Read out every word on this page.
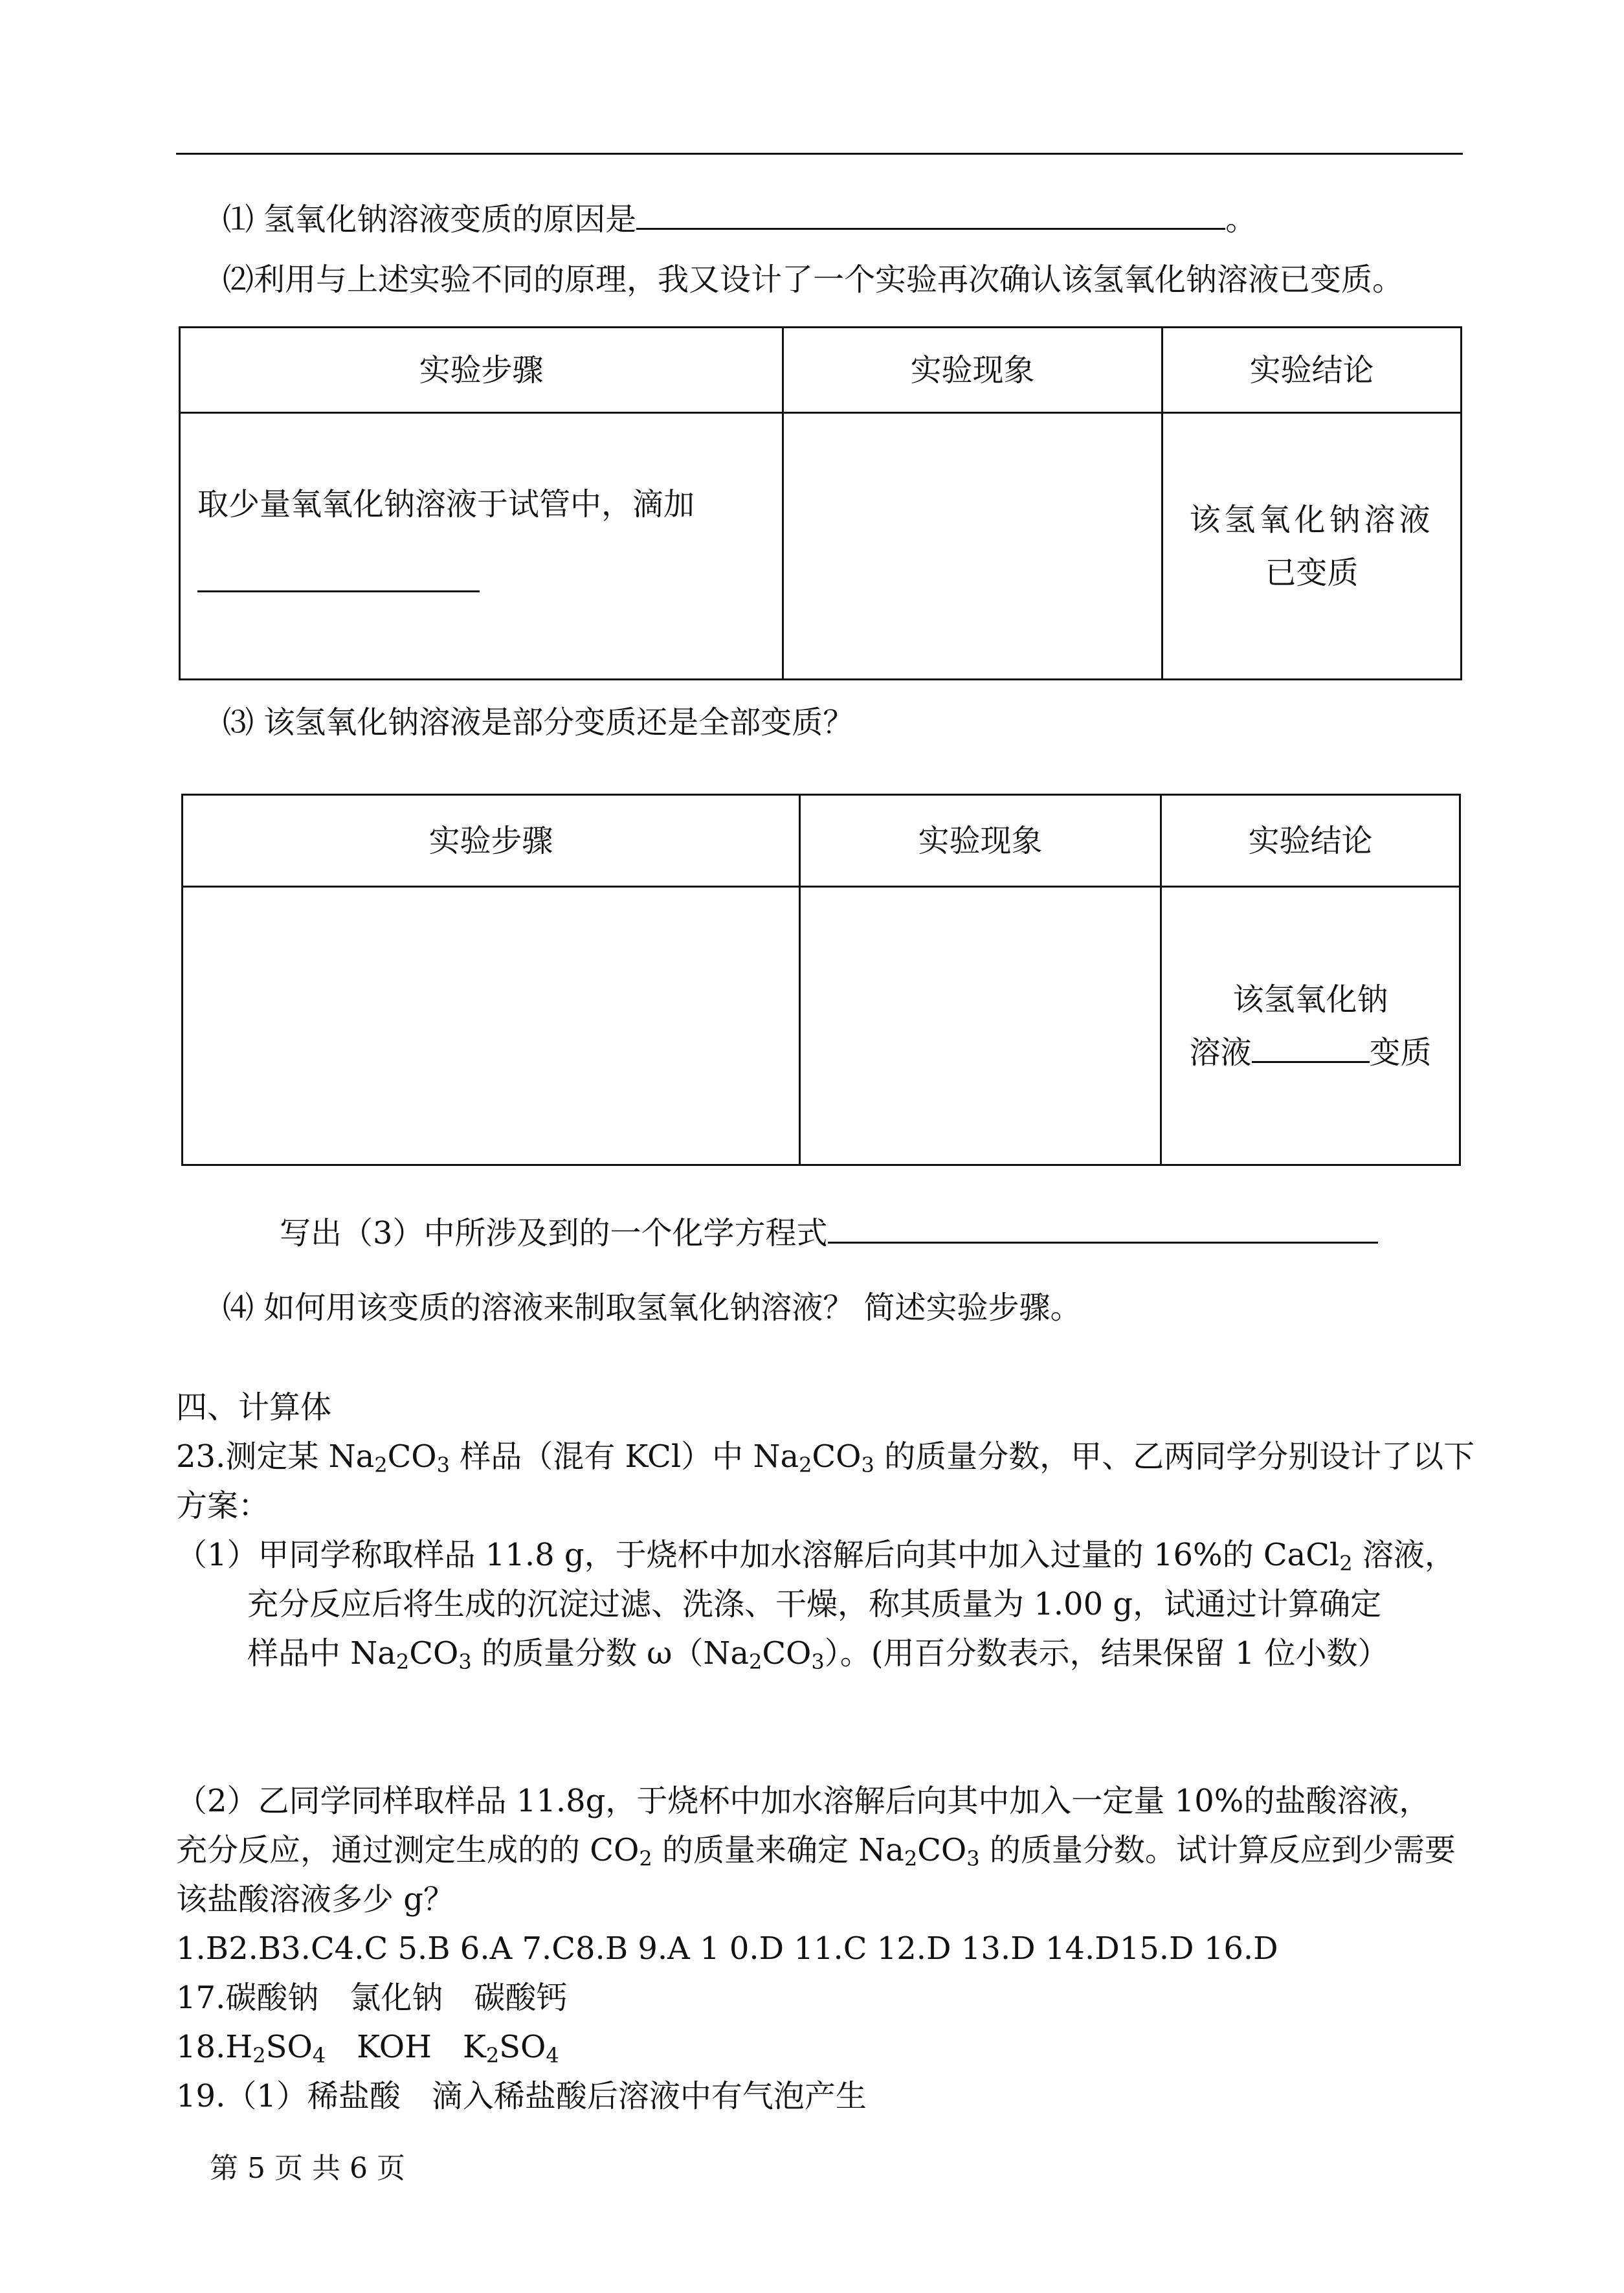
⑴ 氢氧化钠溶液变质的原因是	。
⑵利用与上述实验不同的原理，我又设计了一个实验再次确认该氢氧化钠溶液已变质。
实验步骤	实验现象	实验结论

取少量氧氧化钠溶液于试管中，滴加		该氢氧化钠溶液
已变质
⑶ 该氢氧化钠溶液是部分变质还是全部变质？
实验步骤	实验现象	实验结论

		该氢氧化钠
溶液 变质
写出（3）中所涉及到的一个化学方程式
⑷ 如何用该变质的溶液来制取氢氧化钠溶液？ 简述实验步骤。
四、计算体
23.测定某 $Na_2CO_3$ 样品（混有 KCl）中 $Na_2CO_3$ 的质量分数，甲、乙两同学分别设计了以下
方案：
（1）甲同学称取样品 11.8 g，于烧杯中加水溶解后向其中加入过量的 16%的 CaCl$_2$ 溶液，
充分反应后将生成的沉淀过滤、洗涤、干燥，称其质量为 1.00 g，试通过计算确定
样品中 $Na_2CO_3$ 的质量分数 $\omega(Na_2CO_3)$。(用百分数表示，结果保留 1 位小数）
（2）乙同学同样取样品 11.8g，于烧杯中加水溶解后向其中加入一定量 10%的盐酸溶液，
充分反应，通过测定生成的的 $CO_2$ 的质量来确定 $Na_2CO_3$ 的质量分数。试计算反应到少需要
该盐酸溶液多少 g？
1.B2.B3.C4.C 5.B 6.A 7.C8.B 9.A 1 0.D 11.C 12.D 13.D 14.D15.D 16.D
17.碳酸钠　氯化钠　碳酸钙
$18.H_2SO_4$　KOH　$K_2SO_4$
19.（1）稀盐酸　滴入稀盐酸后溶液中有气泡产生
第 5 页 共 6 页
